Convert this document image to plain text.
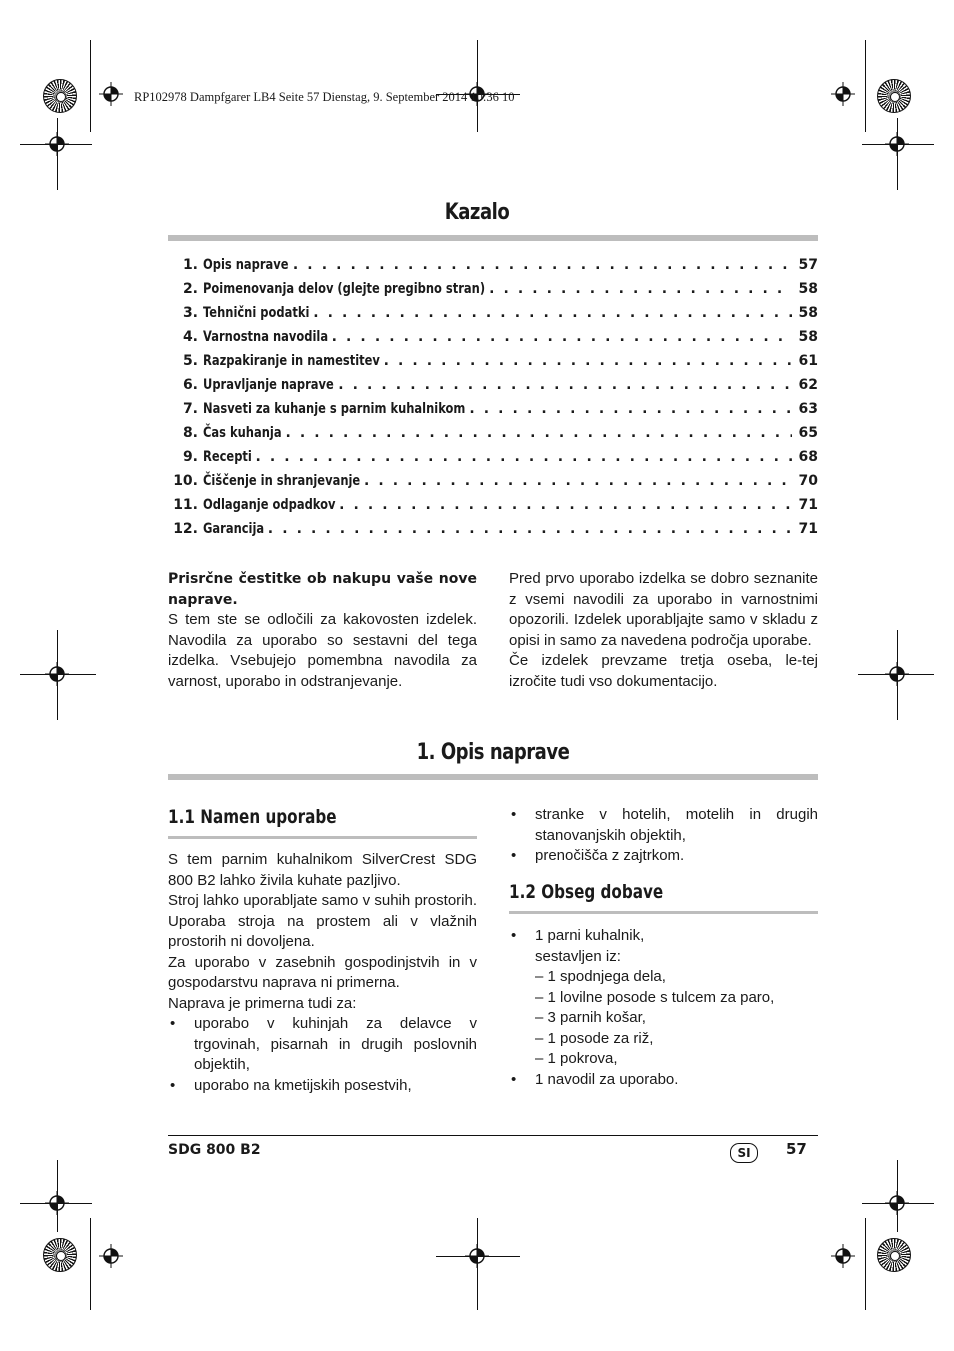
RP102978 Dampfgarer LB4 Seite 57 Dienstag, 9. September 2014 10:36 10
Kazalo
1. Opis naprave . . .	57
2. Poimenovanja delov (glejte pregibno stran) . . .	58
3. Tehnični podatki . . .	58
4. Varnostna navodila . . .	58
5. Razpakiranje in namestitev . . .	61
6. Upravljanje naprave . . .	62
7. Nasveti za kuhanje s parnim kuhalnikom . . .	63
8. Čas kuhanja . . .	65
9. Recepti . . .	68
10. Čiščenje in shranjevanje . . .	70
11. Odlaganje odpadkov . . .	71
12. Garancija . . .	71

Prisrčne čestitke ob nakupu vaše nove naprave.

S tem ste se odločili za kakovosten izdelek. Navodila za uporabo so sestavni del tega izdelka. Vsebujejo pomembna navodila za varnost, uporabo in odstranjevanje.

Pred prvo uporabo izdelka se dobro seznanite z vsemi navodili za uporabo in varnostnimi opozorili. Izdelek uporabljajte samo v skladu z opisi in samo za navedena področja uporabe.

Če izdelek prevzame tretja oseba, le-tej izročite tudi vso dokumentacijo.

1. Opis naprave
1.1 Namen uporabe

S tem parnim kuhalnikom SilverCrest SDG 800 B2 lahko živila kuhate pazljivo.

Stroj lahko uporabljate samo v suhih prostorih. Uporaba stroja na prostem ali v vlažnih prostorih ni dovoljena.

Za uporabo v zasebnih gospodinjstvih in v gospodarstvu naprava ni primerna.

Naprava je primerna tudi za:

• uporabo v kuhinjah za delavce v trgovinah, pisarnah in drugih poslovnih objektih,
• uporabo na kmetijskih posestvih,
• stranke v hotelih, motelih in drugih stanovanjskih objektih,
• prenočišča z zajtrkom.
1.2 Obseg dobave
• 1 parni kuhalnik,
sestavljen iz:
– 1 spodnjega dela,
– 1 lovilne posode s tulcem za paro,
– 3 parnih košar,
– 1 posode za riž,
– 1 pokrova,
• 1 navodil za uporabo.
SDG 800 B2	SI	57
